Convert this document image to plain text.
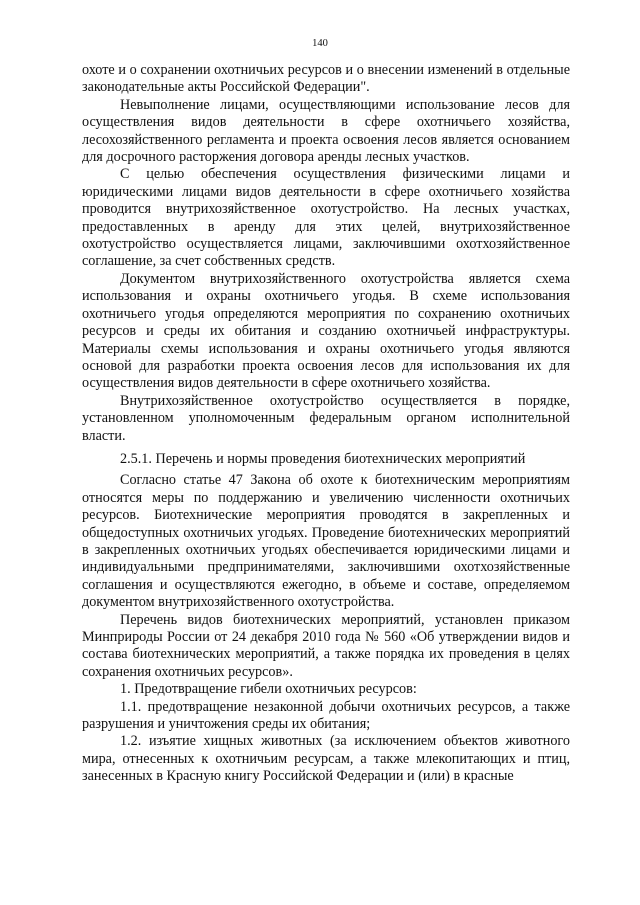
140

охоте и о сохранении охотничьих ресурсов и о внесении изменений в отдельные законодательные акты Российской Федерации".

Невыполнение лицами, осуществляющими использование лесов для осуществления видов деятельности в сфере охотничьего хозяйства, лесохозяйственного регламента и проекта освоения лесов является основанием для досрочного расторжения договора аренды лесных участков.

С целью обеспечения осуществления физическими лицами и юридическими лицами видов деятельности в сфере охотничьего хозяйства проводится внутрихозяйственное охотустройство. На лесных участках, предоставленных в аренду для этих целей, внутрихозяйственное охотустройство осуществляется лицами, заключившими охотхозяйственное соглашение, за счет собственных средств.

Документом внутрихозяйственного охотустройства является схема использования и охраны охотничьего угодья. В схеме использования охотничьего угодья определяются мероприятия по сохранению охотничьих ресурсов и среды их обитания и созданию охотничьей инфраструктуры. Материалы схемы использования и охраны охотничьего угодья являются основой для разработки проекта освоения лесов для использования их для осуществления видов деятельности в сфере охотничьего хозяйства.

Внутрихозяйственное охотустройство осуществляется в порядке, установленном уполномоченным федеральным органом исполнительной власти.

2.5.1. Перечень и нормы проведения биотехнических мероприятий

Согласно статье 47 Закона об охоте к биотехническим мероприятиям относятся меры по поддержанию и увеличению численности охотничьих ресурсов. Биотехнические мероприятия проводятся в закрепленных и общедоступных охотничьих угодьях. Проведение биотехнических мероприятий в закрепленных охотничьих угодьях обеспечивается юридическими лицами и индивидуальными предпринимателями, заключившими охотхозяйственные соглашения и осуществляются ежегодно, в объеме и составе, определяемом документом внутрихозяйственного охотустройства.

Перечень видов биотехнических мероприятий, установлен приказом Минприроды России от 24 декабря 2010 года № 560 «Об утверждении видов и состава биотехнических мероприятий, а также порядка их проведения в целях сохранения охотничьих ресурсов».

1. Предотвращение гибели охотничьих ресурсов:

1.1. предотвращение незаконной добычи охотничьих ресурсов, а также разрушения и уничтожения среды их обитания;

1.2. изъятие хищных животных (за исключением объектов животного мира, отнесенных к охотничьим ресурсам, а также млекопитающих и птиц, занесенных в Красную книгу Российской Федерации и (или) в красные
